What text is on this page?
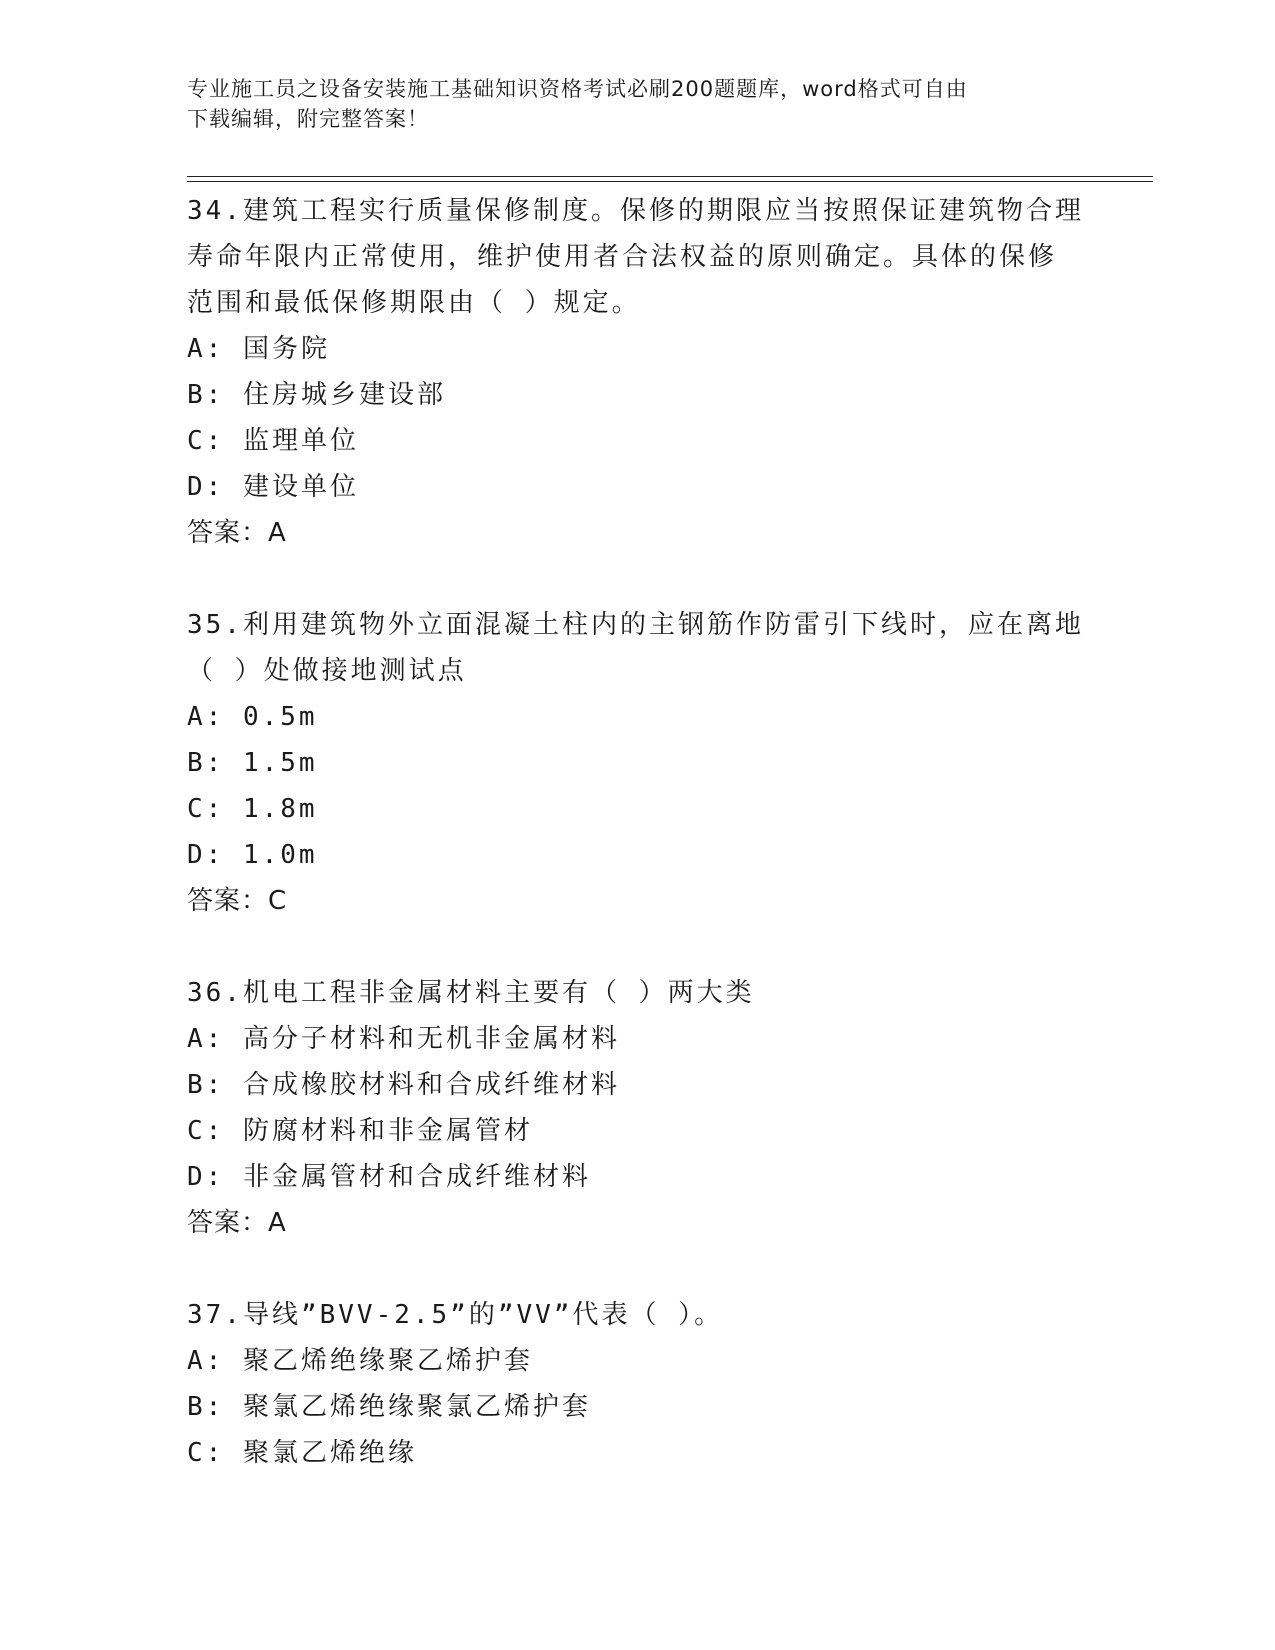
专业施工员之设备安装施工基础知识资格考试必刷200题题库，word格式可自由
下载编辑，附完整答案！
34.建筑工程实行质量保修制度。保修的期限应当按照保证建筑物合理
寿命年限内正常使用，维护使用者合法权益的原则确定。具体的保修
范围和最低保修期限由（ ）规定。
A: 国务院
B: 住房城乡建设部
C: 监理单位
D: 建设单位
答案：A
35.利用建筑物外立面混凝土柱内的主钢筋作防雷引下线时，应在离地
（ ）处做接地测试点
A: 0.5m
B: 1.5m
C: 1.8m
D: 1.0m
答案：C
36.机电工程非金属材料主要有（ ）两大类
A: 高分子材料和无机非金属材料
B: 合成橡胶材料和合成纤维材料
C: 防腐材料和非金属管材
D: 非金属管材和合成纤维材料
答案：A
37.导线”BVV-2.5”的”VV”代表（ ）。
A: 聚乙烯绝缘聚乙烯护套
B: 聚氯乙烯绝缘聚氯乙烯护套
C: 聚氯乙烯绝缘
